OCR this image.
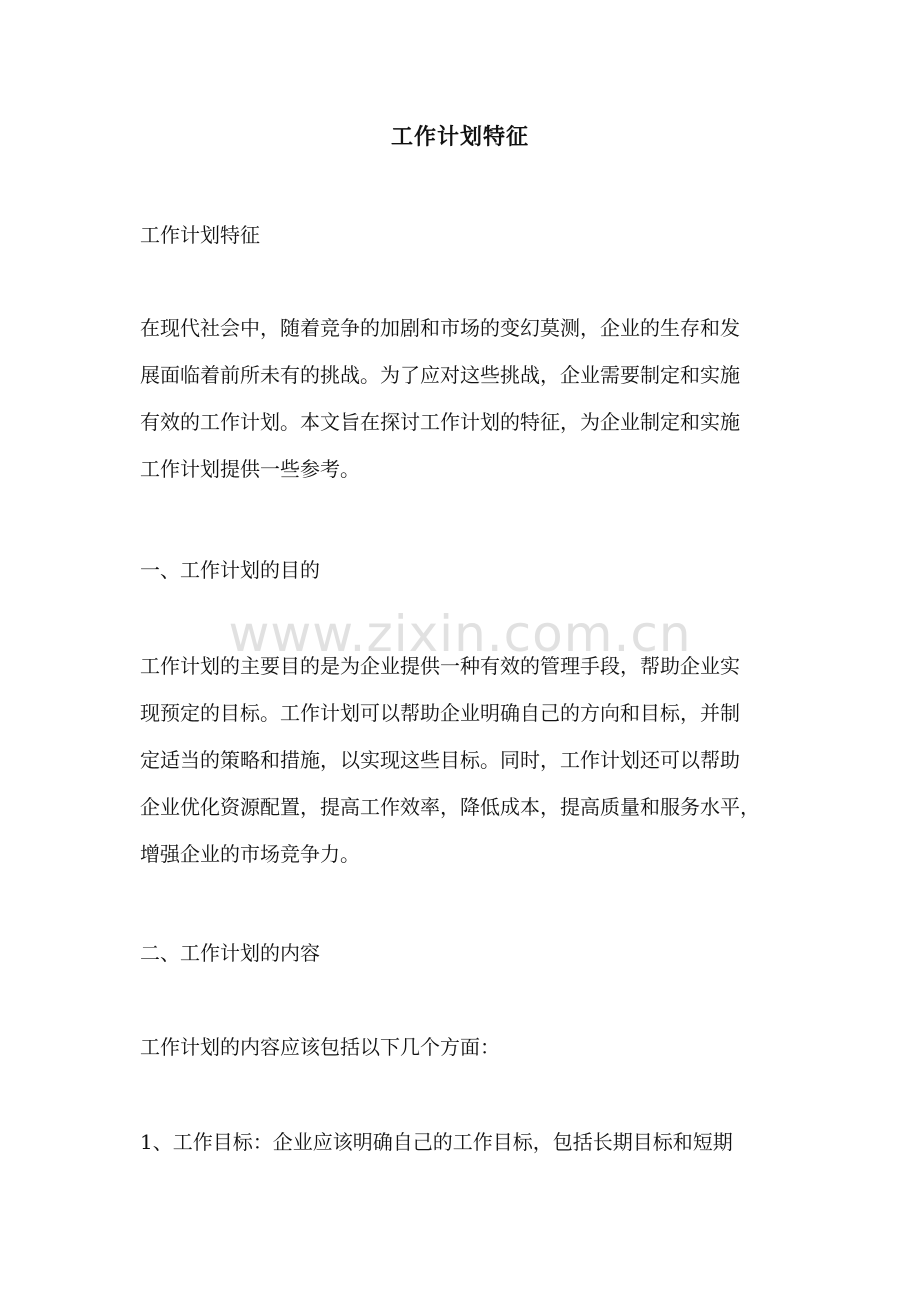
工作计划特征
工作计划特征
在现代社会中，随着竞争的加剧和市场的变幻莫测，企业的生存和发
展面临着前所未有的挑战。为了应对这些挑战，企业需要制定和实施
有效的工作计划。本文旨在探讨工作计划的特征，为企业制定和实施
工作计划提供一些参考。
一、工作计划的目的
www.zixin.com.cn
工作计划的主要目的是为企业提供一种有效的管理手段，帮助企业实
现预定的目标。工作计划可以帮助企业明确自己的方向和目标，并制
定适当的策略和措施，以实现这些目标。同时，工作计划还可以帮助
企业优化资源配置，提高工作效率，降低成本，提高质量和服务水平，
增强企业的市场竞争力。
二、工作计划的内容
工作计划的内容应该包括以下几个方面：
1、工作目标：企业应该明确自己的工作目标，包括长期目标和短期
